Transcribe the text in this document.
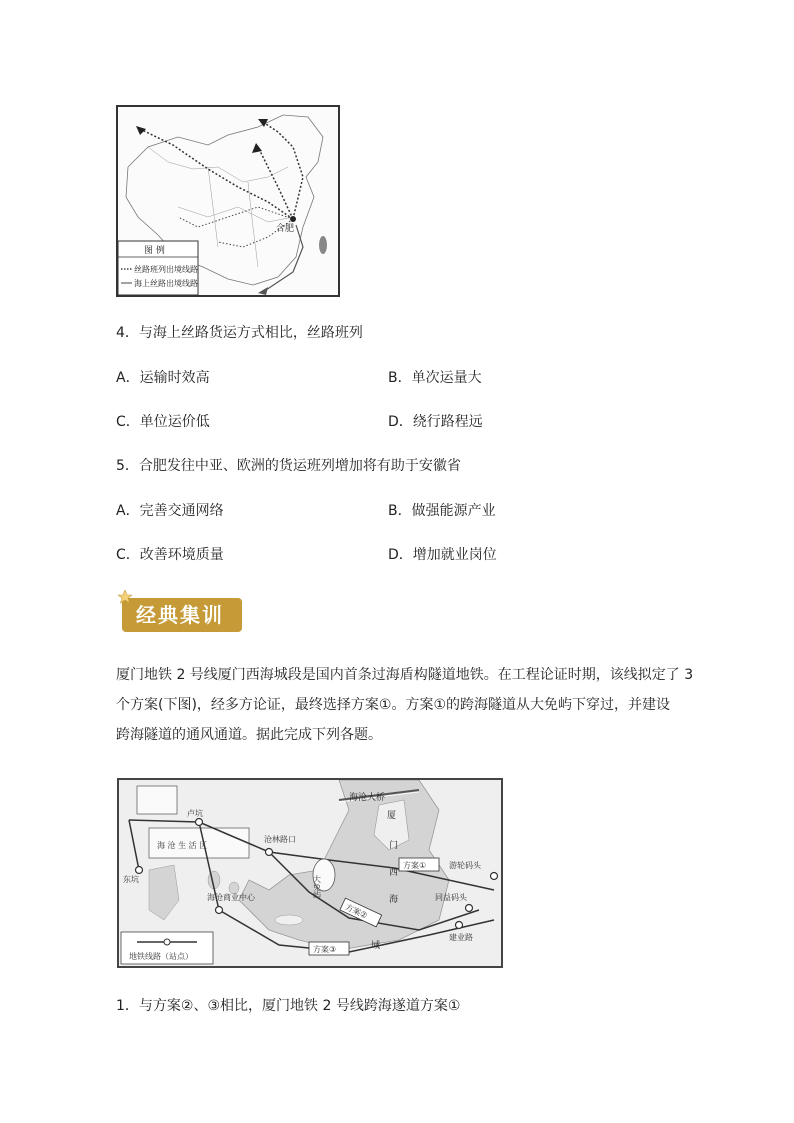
合肥
图 例
丝路班列出境线路
海上丝路出境线路
4．与海上丝路货运方式相比，丝路班列
A．运输时效高	B．单次运量大
C．单位运价低	D．绕行路程远
5．合肥发往中亚、欧洲的货运班列增加将有助于安徽省
A．完善交通网络	B．做强能源产业
C．改善环境质量	D．增加就业岗位
经典集训
厦门地铁 2 号线厦门西海城段是国内首条过海盾构隧道地铁。在工程论证时期，该线拟定了 3
个方案(下图)，经多方论证，最终选择方案①。方案①的跨海隧道从大免屿下穿过，并建设
跨海隧道的通风通道。据此完成下列各题。
海沧大桥
大兔屿
卢坑
沧林路口
海 沧 生 活 区
东坑
海沧商业中心
厦
门
西
海
域
方案①
方案②
方案③
游轮码头
同益码头
建业路
地铁线路（站点）
1．与方案②、③相比，厦门地铁 2 号线跨海遂道方案①
